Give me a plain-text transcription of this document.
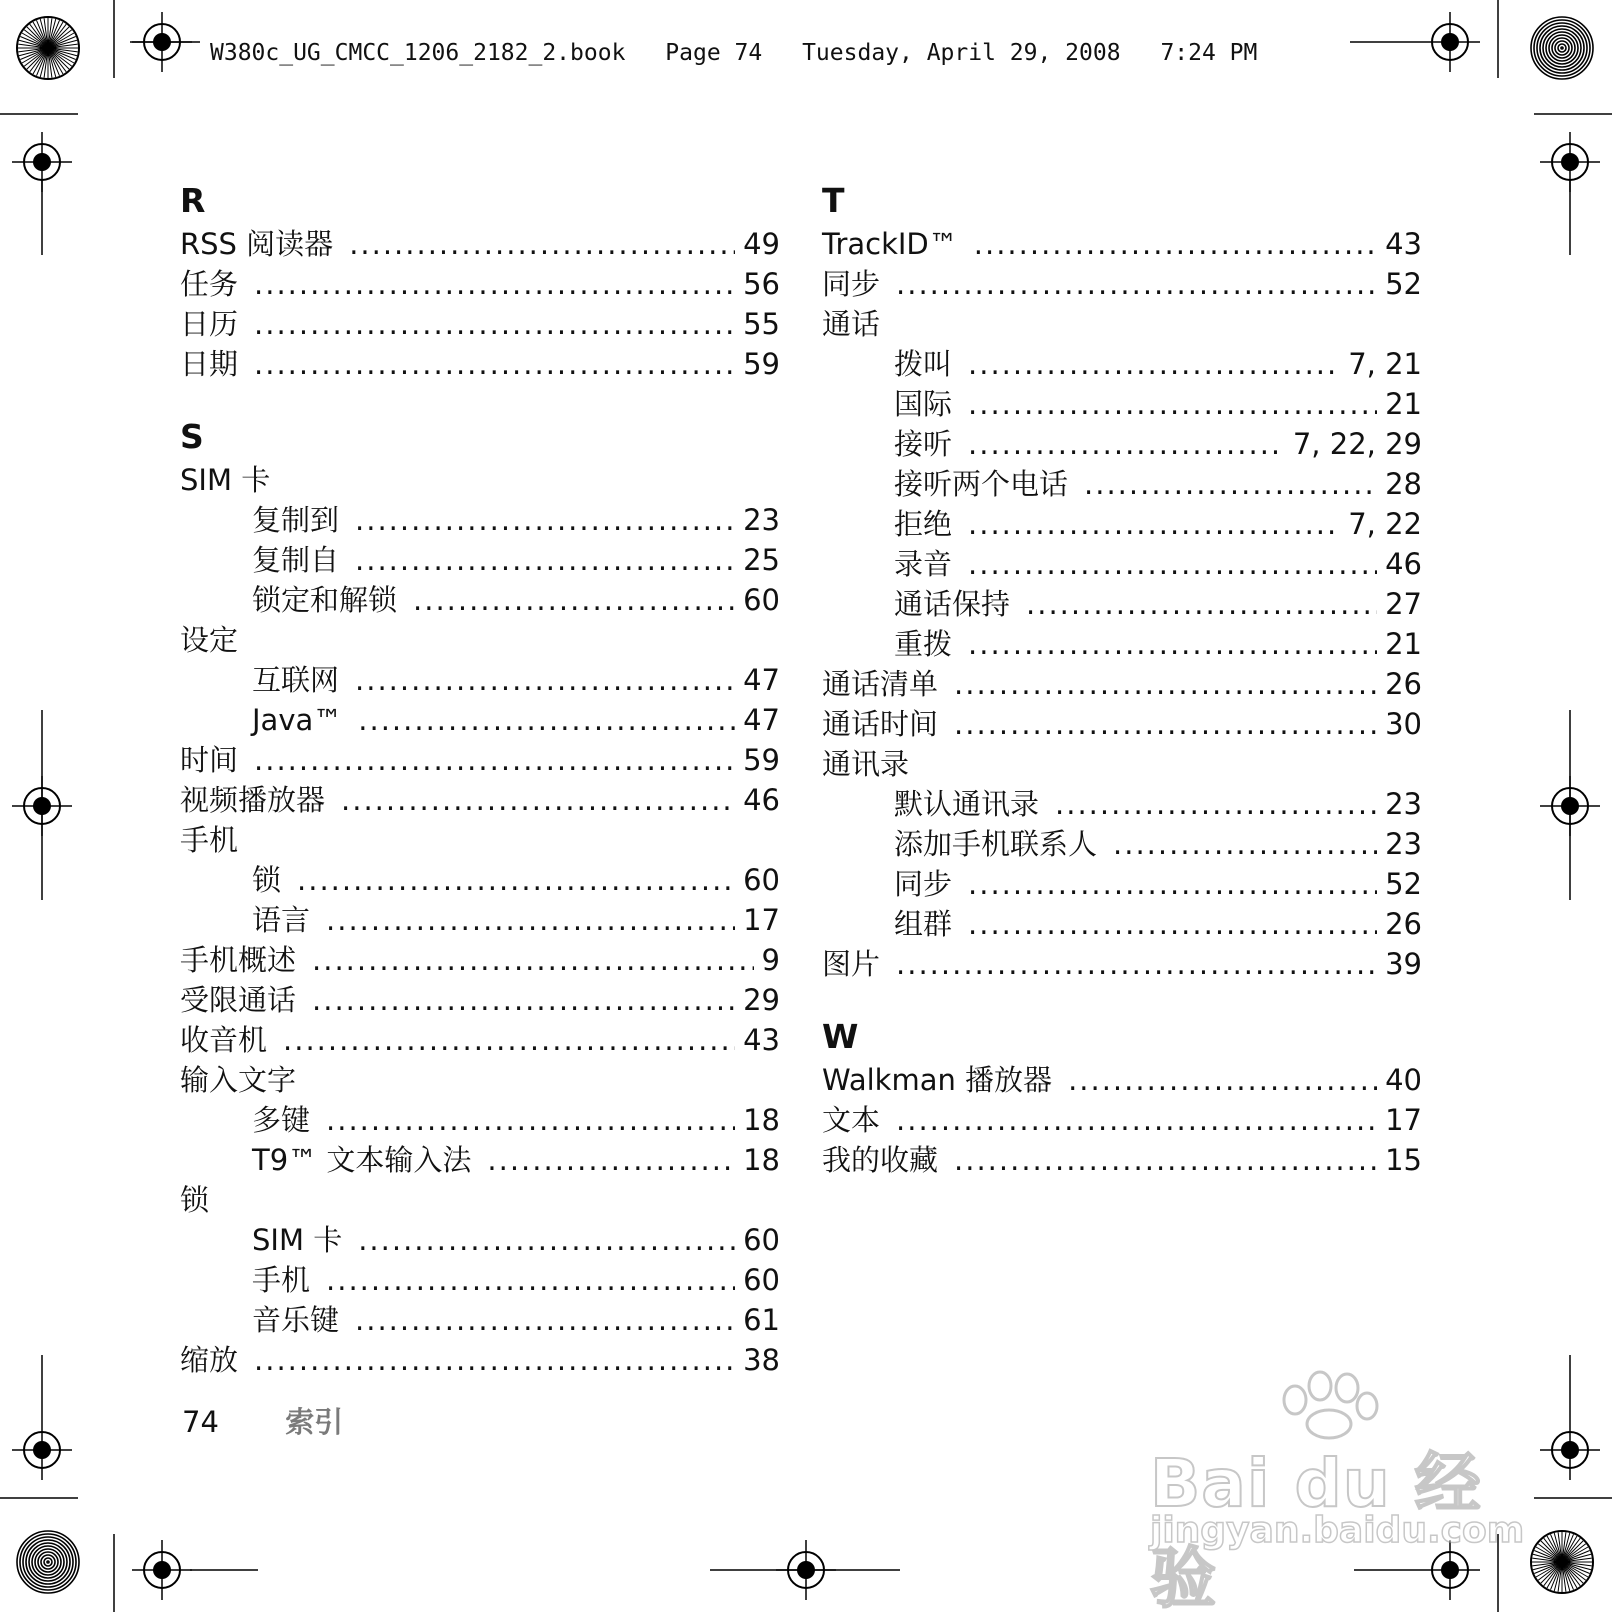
W380c_UG_CMCC_1206_2182_2.book Page 74 Tuesday, April 29, 2008 7:24 PM
R
RSS 阅读器 .....	49
任务 .....	56
日历 .....	55
日期 .....	59
S
SIM 卡
复制到 .....	23
复制自 .....	25
锁定和解锁 .....	60
设定
互联网 .....	47
Java™ .....	47
时间 .....	59
视频播放器 .....	46
手机
锁 .....	60
语言 .....	17
手机概述 .....	9
受限通话 .....	29
收音机 .....	43
输入文字
多键 .....	18
T9™ 文本输入法 .....	18
锁
SIM 卡 .....	60
手机 .....	60
音乐键 .....	61
缩放 .....	38
T
TrackID™ .....	43
同步 .....	52
通话
拨叫 .....	7, 21
国际 .....	21
接听 .....	7, 22, 29
接听两个电话 .....	28
拒绝 .....	7, 22
录音 .....	46
通话保持 .....	27
重拨 .....	21
通话清单 .....	26
通话时间 .....	30
通讯录
默认通讯录 .....	23
添加手机联系人 .....	23
同步 .....	52
组群 .....	26
图片 .....	39
W
Walkman 播放器 .....	40
文本 .....	17
我的收藏 .....	15
74 索引
Bai du 经验
jingyan.baidu.com
